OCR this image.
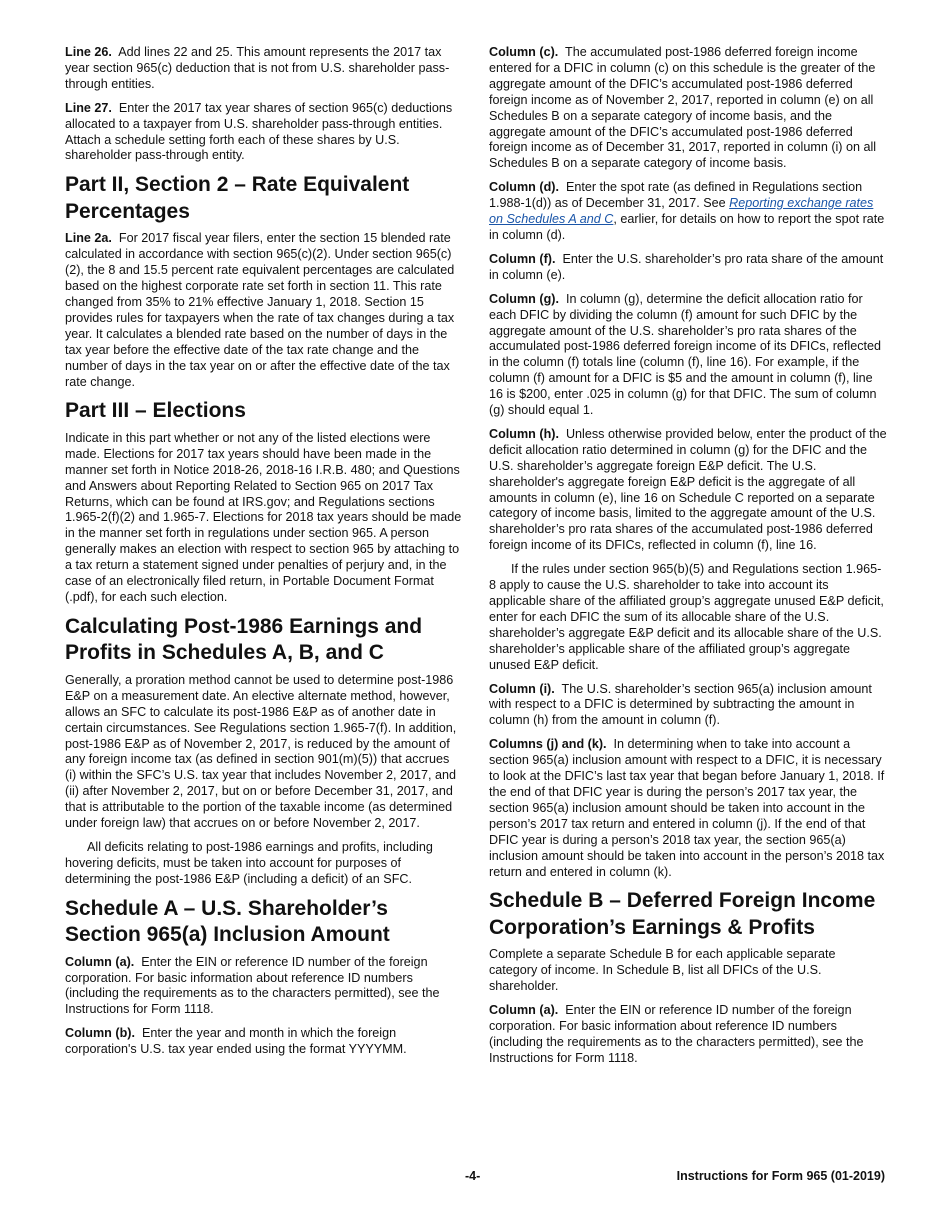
Line 26. Add lines 22 and 25. This amount represents the 2017 tax year section 965(c) deduction that is not from U.S. shareholder pass-through entities.

Line 27. Enter the 2017 tax year shares of section 965(c) deductions allocated to a taxpayer from U.S. shareholder pass-through entities. Attach a schedule setting forth each of these shares by U.S. shareholder pass-through entity.

Part II, Section 2 – Rate Equivalent Percentages

Line 2a. For 2017 fiscal year filers, enter the section 15 blended rate calculated in accordance with section 965(c)(2). Under section 965(c)(2), the 8 and 15.5 percent rate equivalent percentages are calculated based on the highest corporate rate set forth in section 11. This rate changed from 35% to 21% effective January 1, 2018. Section 15 provides rules for taxpayers when the rate of tax changes during a tax year. It calculates a blended rate based on the number of days in the tax year before the effective date of the tax rate change and the number of days in the tax year on or after the effective date of the tax rate change.

Part III – Elections

Indicate in this part whether or not any of the listed elections were made. Elections for 2017 tax years should have been made in the manner set forth in Notice 2018-26, 2018-16 I.R.B. 480; and Questions and Answers about Reporting Related to Section 965 on 2017 Tax Returns, which can be found at IRS.gov; and Regulations sections 1.965-2(f)(2) and 1.965-7. Elections for 2018 tax years should be made in the manner set forth in regulations under section 965. A person generally makes an election with respect to section 965 by attaching to a tax return a statement signed under penalties of perjury and, in the case of an electronically filed return, in Portable Document Format (.pdf), for each such election.

Calculating Post-1986 Earnings and Profits in Schedules A, B, and C

Generally, a proration method cannot be used to determine post-1986 E&P on a measurement date. An elective alternate method, however, allows an SFC to calculate its post-1986 E&P as of another date in certain circumstances. See Regulations section 1.965-7(f). In addition, post-1986 E&P as of November 2, 2017, is reduced by the amount of any foreign income tax (as defined in section 901(m)(5)) that accrues (i) within the SFC’s U.S. tax year that includes November 2, 2017, and (ii) after November 2, 2017, but on or before December 31, 2017, and that is attributable to the portion of the taxable income (as determined under foreign law) that accrues on or before November 2, 2017.

All deficits relating to post-1986 earnings and profits, including hovering deficits, must be taken into account for purposes of determining the post-1986 E&P (including a deficit) of an SFC.

Schedule A – U.S. Shareholder’s Section 965(a) Inclusion Amount

Column (a). Enter the EIN or reference ID number of the foreign corporation. For basic information about reference ID numbers (including the requirements as to the characters permitted), see the Instructions for Form 1118.

Column (b). Enter the year and month in which the foreign corporation's U.S. tax year ended using the format YYYYMM.

Column (c). The accumulated post-1986 deferred foreign income entered for a DFIC in column (c) on this schedule is the greater of the aggregate amount of the DFIC’s accumulated post-1986 deferred foreign income as of November 2, 2017, reported in column (e) on all Schedules B on a separate category of income basis, and the aggregate amount of the DFIC’s accumulated post-1986 deferred foreign income as of December 31, 2017, reported in column (i) on all Schedules B on a separate category of income basis.

Column (d). Enter the spot rate (as defined in Regulations section 1.988-1(d)) as of December 31, 2017. See Reporting exchange rates on Schedules A and C, earlier, for details on how to report the spot rate in column (d).

Column (f). Enter the U.S. shareholder’s pro rata share of the amount in column (e).

Column (g). In column (g), determine the deficit allocation ratio for each DFIC by dividing the column (f) amount for such DFIC by the aggregate amount of the U.S. shareholder’s pro rata shares of the accumulated post-1986 deferred foreign income of its DFICs, reflected in the column (f) totals line (column (f), line 16). For example, if the column (f) amount for a DFIC is $5 and the amount in column (f), line 16 is $200, enter .025 in column (g) for that DFIC. The sum of column (g) should equal 1.

Column (h). Unless otherwise provided below, enter the product of the deficit allocation ratio determined in column (g) for the DFIC and the U.S. shareholder’s aggregate foreign E&P deficit. The U.S. shareholder's aggregate foreign E&P deficit is the aggregate of all amounts in column (e), line 16 on Schedule C reported on a separate category of income basis, limited to the aggregate amount of the U.S. shareholder’s pro rata shares of the accumulated post-1986 deferred foreign income of its DFICs, reflected in column (f), line 16.

If the rules under section 965(b)(5) and Regulations section 1.965-8 apply to cause the U.S. shareholder to take into account its applicable share of the affiliated group’s aggregate unused E&P deficit, enter for each DFIC the sum of its allocable share of the U.S. shareholder’s aggregate E&P deficit and its allocable share of the U.S. shareholder’s applicable share of the affiliated group’s aggregate unused E&P deficit.

Column (i). The U.S. shareholder’s section 965(a) inclusion amount with respect to a DFIC is determined by subtracting the amount in column (h) from the amount in column (f).

Columns (j) and (k). In determining when to take into account a section 965(a) inclusion amount with respect to a DFIC, it is necessary to look at the DFIC’s last tax year that began before January 1, 2018. If the end of that DFIC year is during the person’s 2017 tax year, the section 965(a) inclusion amount should be taken into account in the person’s 2017 tax return and entered in column (j). If the end of that DFIC year is during a person’s 2018 tax year, the section 965(a) inclusion amount should be taken into account in the person’s 2018 tax return and entered in column (k).

Schedule B – Deferred Foreign Income Corporation’s Earnings & Profits

Complete a separate Schedule B for each applicable separate category of income. In Schedule B, list all DFICs of the U.S. shareholder.

Column (a). Enter the EIN or reference ID number of the foreign corporation. For basic information about reference ID numbers (including the requirements as to the characters permitted), see the Instructions for Form 1118.

-4-	Instructions for Form 965 (01-2019)
